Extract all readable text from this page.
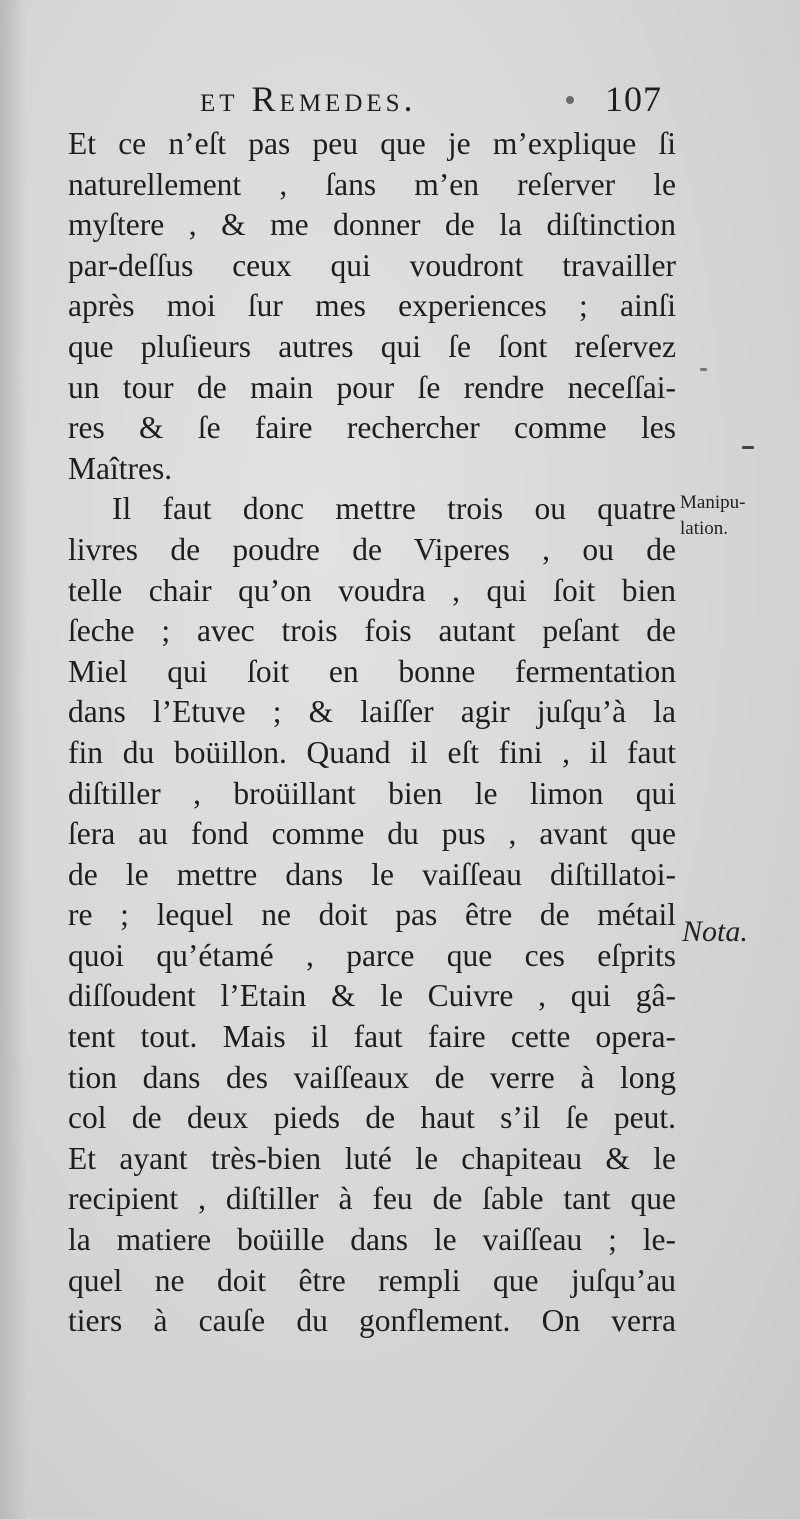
et Remedes.	107
Et ce n’eſt pas peu que je m’explique ſi
naturellement , ſans m’en reſerver le
myſtere , & me donner de la diſtinction
par-deſſus ceux qui voudront travailler
après moi ſur mes experiences ; ainſi
que pluſieurs autres qui ſe ſont reſervez
un tour de main pour ſe rendre neceſſai-
res & ſe faire rechercher comme les
Maîtres.
Il faut donc mettre trois ou quatre
livres de poudre de Viperes , ou de
telle chair qu’on voudra , qui ſoit bien
ſeche ; avec trois fois autant peſant de
Miel qui ſoit en bonne fermentation
dans l’Etuve ; & laiſſer agir juſqu’à la
fin du boüillon. Quand il eſt fini , il faut
diſtiller , broüillant bien le limon qui
ſera au fond comme du pus , avant que
de le mettre dans le vaiſſeau diſtillatoi-
re ; lequel ne doit pas être de métail
quoi qu’étamé , parce que ces eſprits
diſſoudent l’Etain & le Cuivre , qui gâ-
tent tout. Mais il faut faire cette opera-
tion dans des vaiſſeaux de verre à long
col de deux pieds de haut s’il ſe peut.
Et ayant très-bien luté le chapiteau & le
recipient , diſtiller à feu de ſable tant que
la matiere boüille dans le vaiſſeau ; le-
quel ne doit être rempli que juſqu’au
tiers à cauſe du gonflement. On verra
Manipu-
lation.
Nota.
